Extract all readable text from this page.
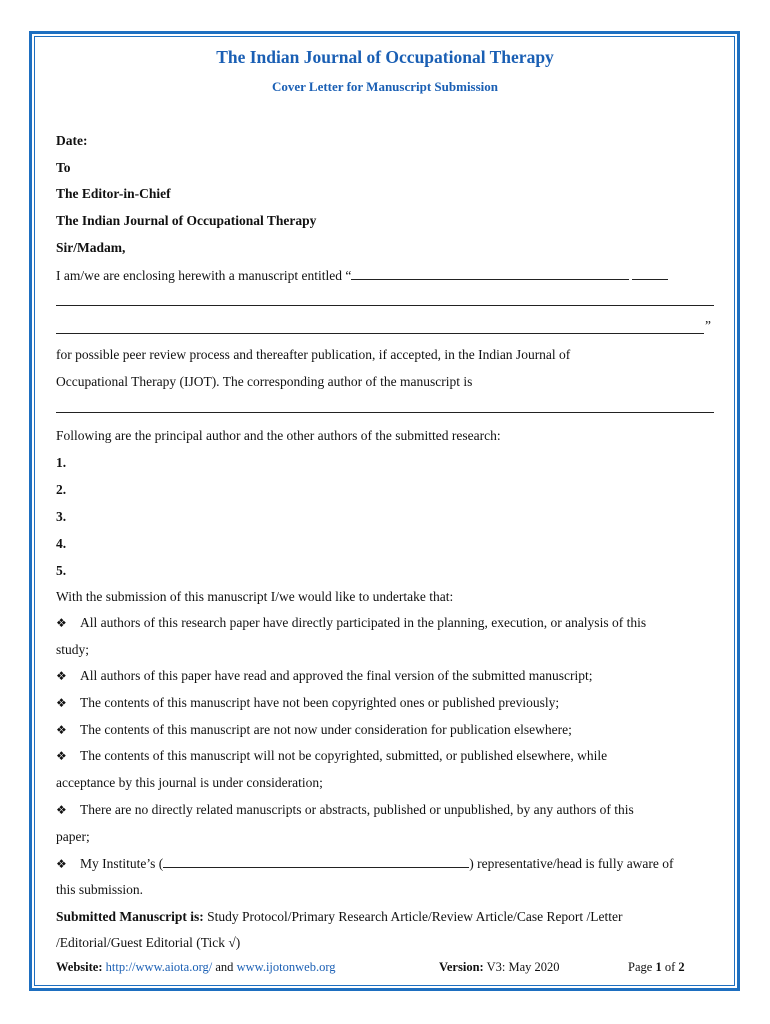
The Indian Journal of Occupational Therapy
Cover Letter for Manuscript Submission
Date:
To
The Editor-in-Chief
The Indian Journal of Occupational Therapy
Sir/Madam,
I am/we are enclosing herewith a manuscript entitled “
”
for possible peer review process and thereafter publication, if accepted, in the Indian Journal of
Occupational Therapy (IJOT). The corresponding author of the manuscript is
Following are the principal author and the other authors of the submitted research:
1.
2.
3.
4.
5.
With the submission of this manuscript I/we would like to undertake that:
❖ All authors of this research paper have directly participated in the planning, execution, or analysis of this
study;
❖ All authors of this paper have read and approved the final version of the submitted manuscript;
❖ The contents of this manuscript have not been copyrighted ones or published previously;
❖ The contents of this manuscript are not now under consideration for publication elsewhere;
❖ The contents of this manuscript will not be copyrighted, submitted, or published elsewhere, while
acceptance by this journal is under consideration;
❖ There are no directly related manuscripts or abstracts, published or unpublished, by any authors of this
paper;
❖ My Institute’s (	) representative/head is fully aware of
this submission.
Submitted Manuscript is: Study Protocol/Primary Research Article/Review Article/Case Report /Letter
/Editorial/Guest Editorial (Tick √)
Website: http://www.aiota.org/ and www.ijotonweb.org	Version: V3: May 2020	Page 1 of 2
